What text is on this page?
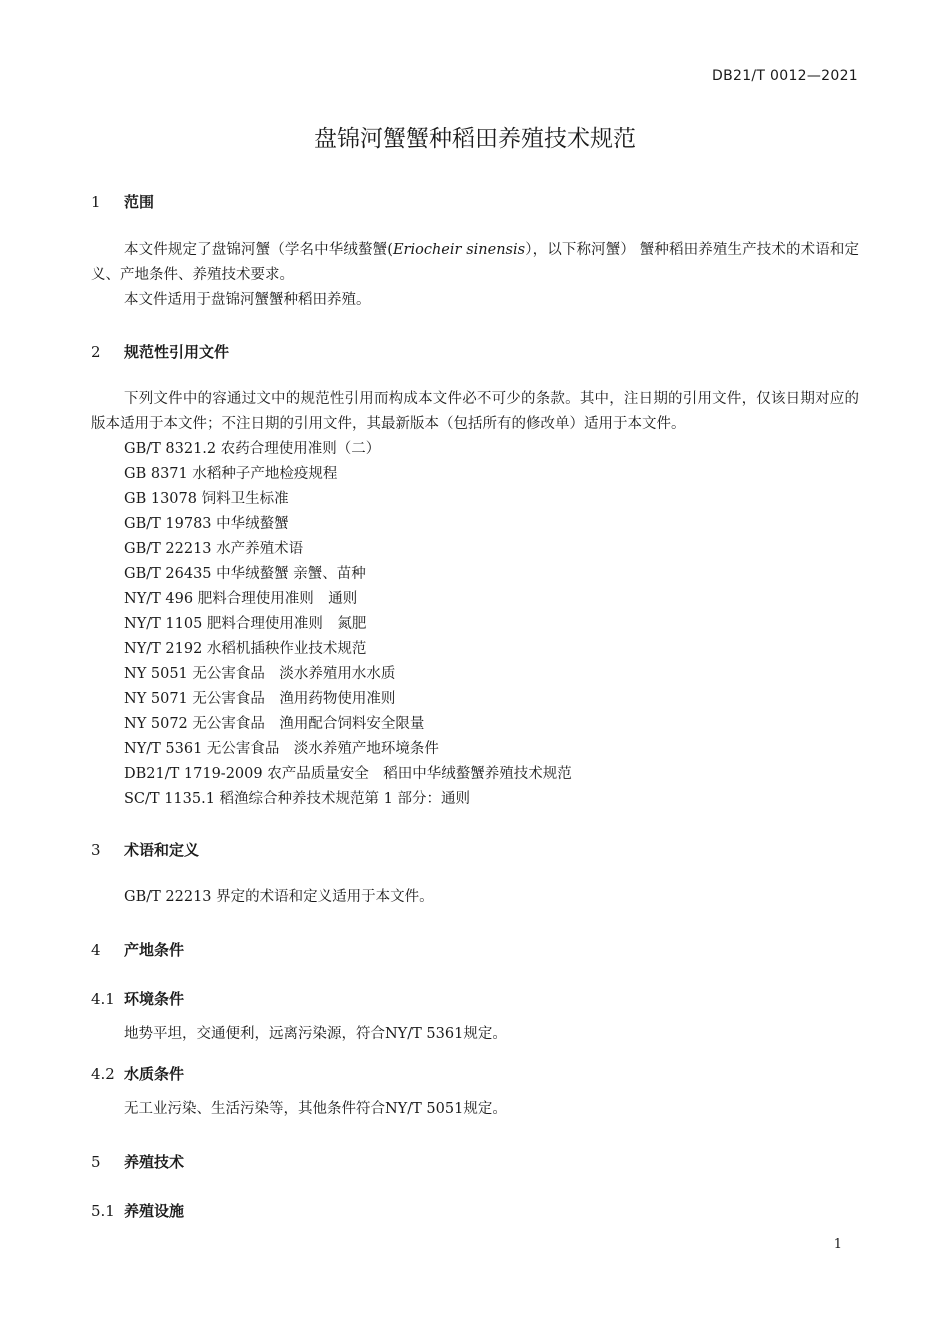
DB21/T 0012—2021
盘锦河蟹蟹种稻田养殖技术规范
1 范围

本文件规定了盘锦河蟹（学名中华绒螯蟹(Eriocheir sinensis），以下称河蟹） 蟹种稻田养殖生产技术的术语和定义、产地条件、养殖技术要求。

本文件适用于盘锦河蟹蟹种稻田养殖。

2 规范性引用文件

下列文件中的容通过文中的规范性引用而构成本文件必不可少的条款。其中，注日期的引用文件，仅该日期对应的版本适用于本文件；不注日期的引用文件，其最新版本（包括所有的修改单）适用于本文件。

GB/T 8321.2 农药合理使用准则（二）
GB 8371 水稻种子产地检疫规程
GB 13078 饲料卫生标准
GB/T 19783 中华绒螯蟹
GB/T 22213 水产养殖术语
GB/T 26435 中华绒螯蟹 亲蟹、苗种
NY/T 496 肥料合理使用准则　通则
NY/T 1105 肥料合理使用准则　氮肥
NY/T 2192 水稻机插秧作业技术规范
NY 5051 无公害食品　淡水养殖用水水质
NY 5071 无公害食品　渔用药物使用准则
NY 5072 无公害食品　渔用配合饲料安全限量
NY/T 5361 无公害食品　淡水养殖产地环境条件
DB21/T 1719-2009 农产品质量安全　稻田中华绒螯蟹养殖技术规范
SC/T 1135.1 稻渔综合种养技术规范第 1 部分：通则
3 术语和定义
GB/T 22213 界定的术语和定义适用于本文件。
4 产地条件
4.1 环境条件
地势平坦，交通便利，远离污染源，符合NY/T 5361规定。
4.2 水质条件
无工业污染、生活污染等，其他条件符合NY/T 5051规定。
5 养殖技术
5.1 养殖设施
1
